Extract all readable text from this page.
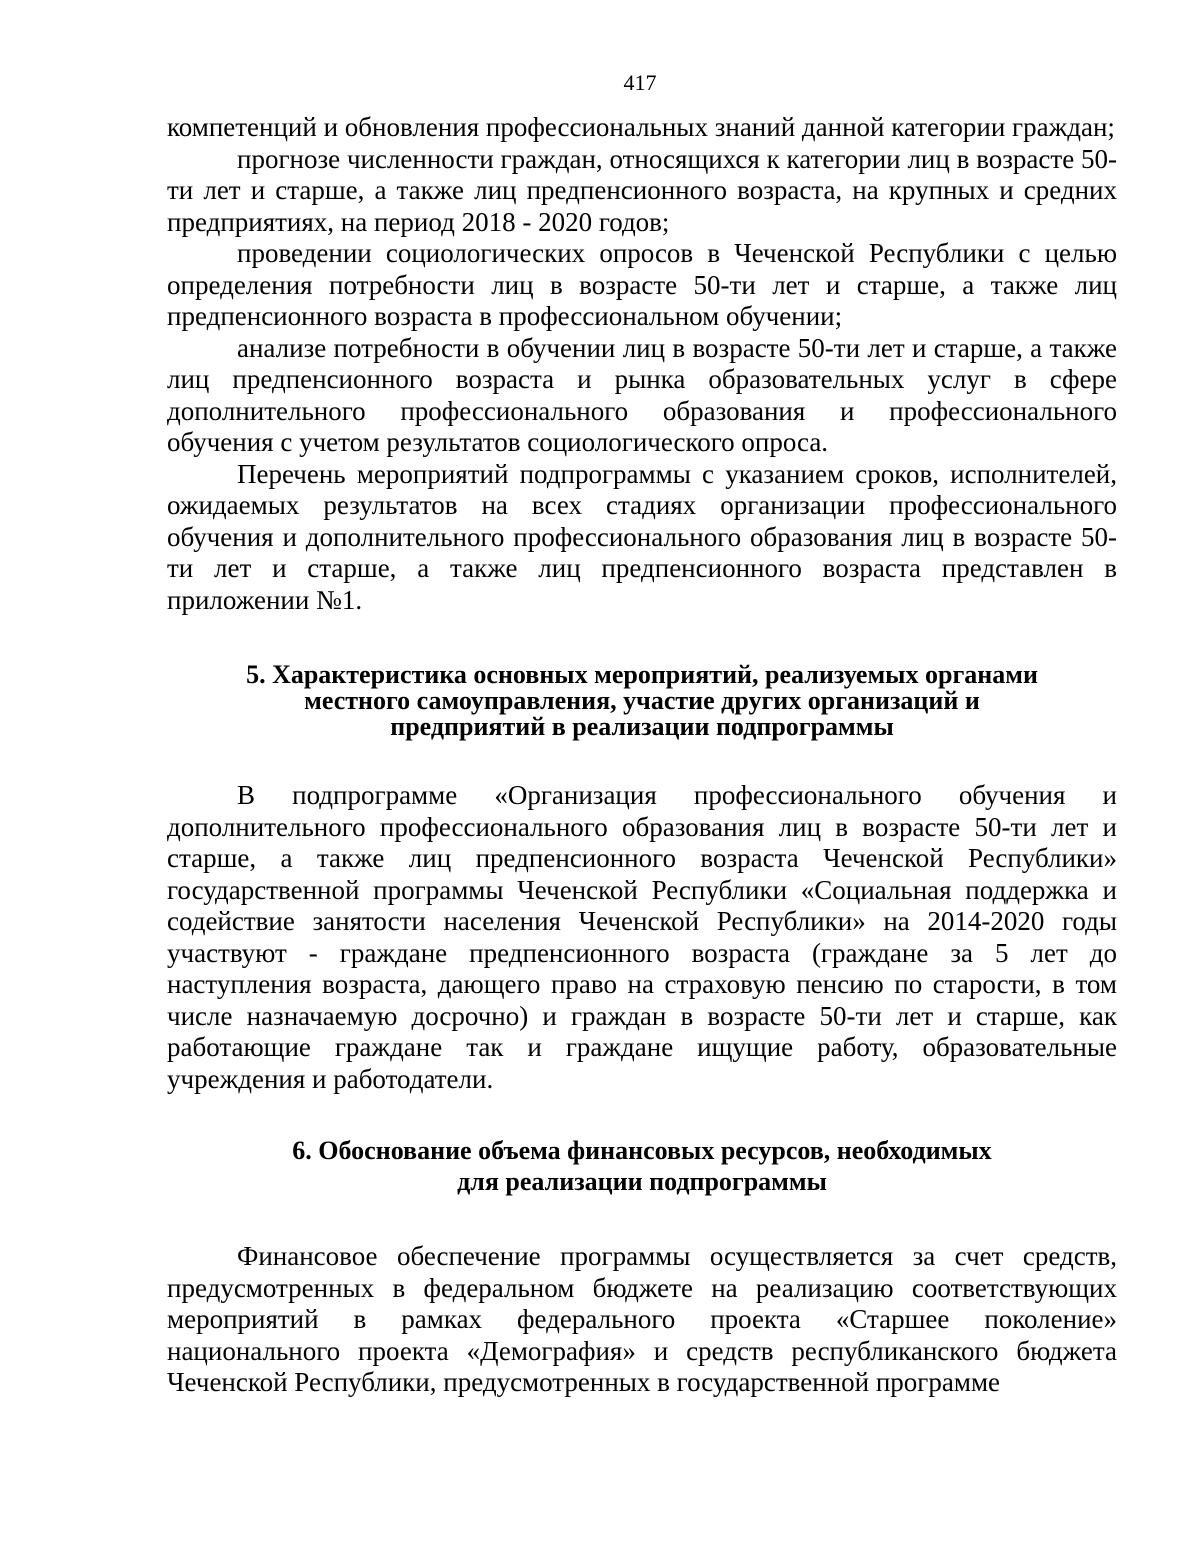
417

компетенций и обновления профессиональных знаний данной категории граждан;

прогнозе численности граждан, относящихся к категории лиц в возрасте 50-ти лет и старше, а также лиц предпенсионного возраста, на крупных и средних предприятиях, на период 2018 - 2020 годов;

проведении социологических опросов в Чеченской Республики с целью определения потребности лиц в возрасте 50-ти лет и старше, а также лиц предпенсионного возраста в профессиональном обучении;

анализе потребности в обучении лиц в возрасте 50-ти лет и старше, а также лиц предпенсионного возраста и рынка образовательных услуг в сфере дополнительного профессионального образования и профессионального обучения с учетом результатов социологического опроса.

Перечень мероприятий подпрограммы с указанием сроков, исполнителей, ожидаемых результатов на всех стадиях организации профессионального обучения и дополнительного профессионального образования лиц в возрасте 50-ти лет и старше, а также лиц предпенсионного возраста представлен в приложении №1.

5. Характеристика основных мероприятий, реализуемых органами
местного самоуправления, участие других организаций и
предприятий в реализации подпрограммы

В подпрограмме «Организация профессионального обучения и дополнительного профессионального образования лиц в возрасте 50-ти лет и старше, а также лиц предпенсионного возраста Чеченской Республики» государственной программы Чеченской Республики «Социальная поддержка и содействие занятости населения Чеченской Республики» на 2014-2020 годы участвуют - граждане предпенсионного возраста (граждане за 5 лет до наступления возраста, дающего право на страховую пенсию по старости, в том числе назначаемую досрочно) и граждан в возрасте 50-ти лет и старше, как работающие граждане так и граждане ищущие работу, образовательные учреждения и работодатели.

6. Обоснование объема финансовых ресурсов, необходимых
для реализации подпрограммы

Финансовое обеспечение программы осуществляется за счет средств, предусмотренных в федеральном бюджете на реализацию соответствующих мероприятий в рамках федерального проекта «Старшее поколение» национального проекта «Демография» и средств республиканского бюджета Чеченской Республики, предусмотренных в государственной программе
